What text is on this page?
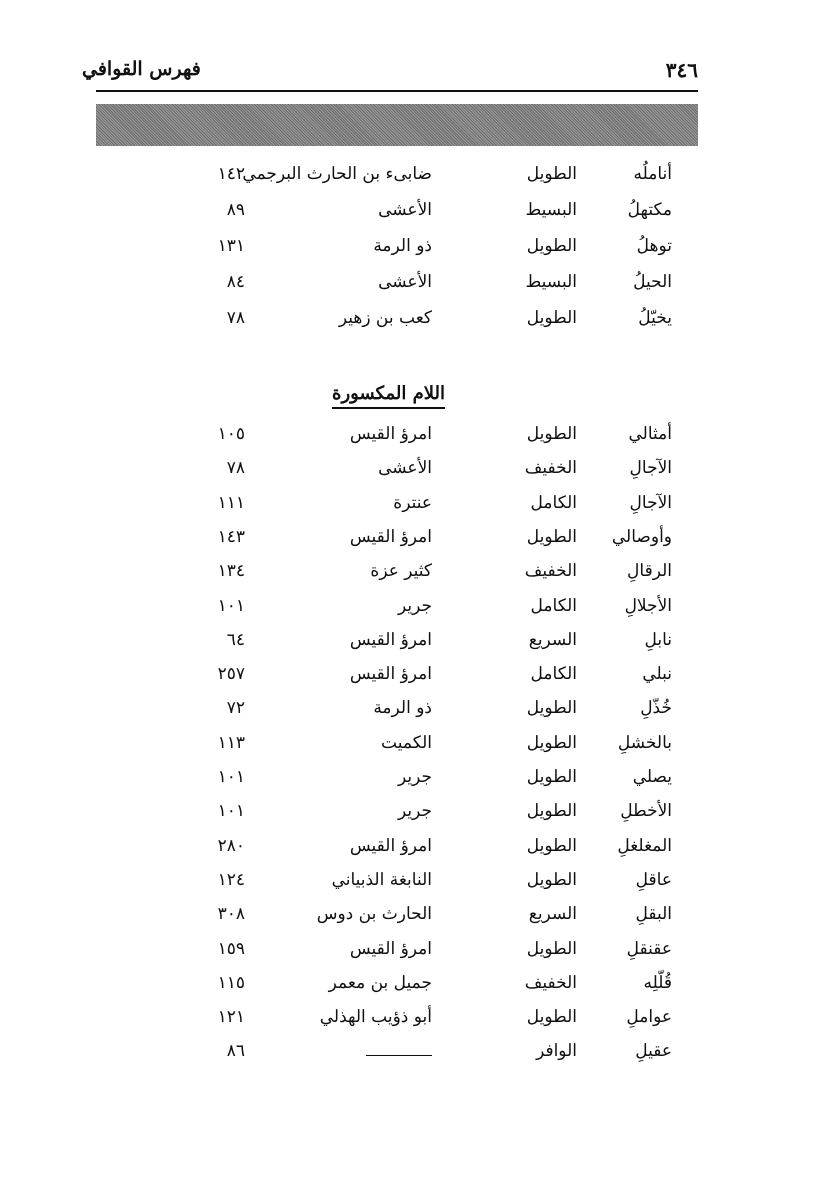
فهرس القوافي	٣٤٦
أناملُه
الطويل
ضابىء بن الحارث البرجمي
١٤٢
مكتهلُ
البسيط
الأعشى
٨٩
توهلُ
الطويل
ذو الرمة
١٣١
الحيلُ
البسيط
الأعشى
٨٤
يخيّلُ
الطويل
كعب بن زهير
٧٨
اللام المكسورة
أمثالي
الطويل
امرؤ القيس
١٠٥
الآجالِ
الخفيف
الأعشى
٧٨
الآجالِ
الكامل
عنترة
١١١
وأوصالي
الطويل
امرؤ القيس
١٤٣
الرقالِ
الخفيف
كثير عزة
١٣٤
الأجلالِ
الكامل
جرير
١٠١
نابلِ
السريع
امرؤ القيس
٦٤
نبلي
الكامل
امرؤ القيس
٢٥٧
خُذّلِ
الطويل
ذو الرمة
٧٢
بالخشلِ
الطويل
الكميت
١١٣
يصلي
الطويل
جرير
١٠١
الأخطلِ
الطويل
جرير
١٠١
المغلغلِ
الطويل
امرؤ القيس
٢٨٠
عاقلِ
الطويل
النابغة الذبياني
١٢٤
البقلِ
السريع
الحارث بن دوس
٣٠٨
عقنقلِ
الطويل
امرؤ القيس
١٥٩
قُلّلِه
الخفيف
جميل بن معمر
١١٥
عواملِ
الطويل
أبو ذؤيب الهذلي
١٢١
عقيلِ
الوافر
٨٦
